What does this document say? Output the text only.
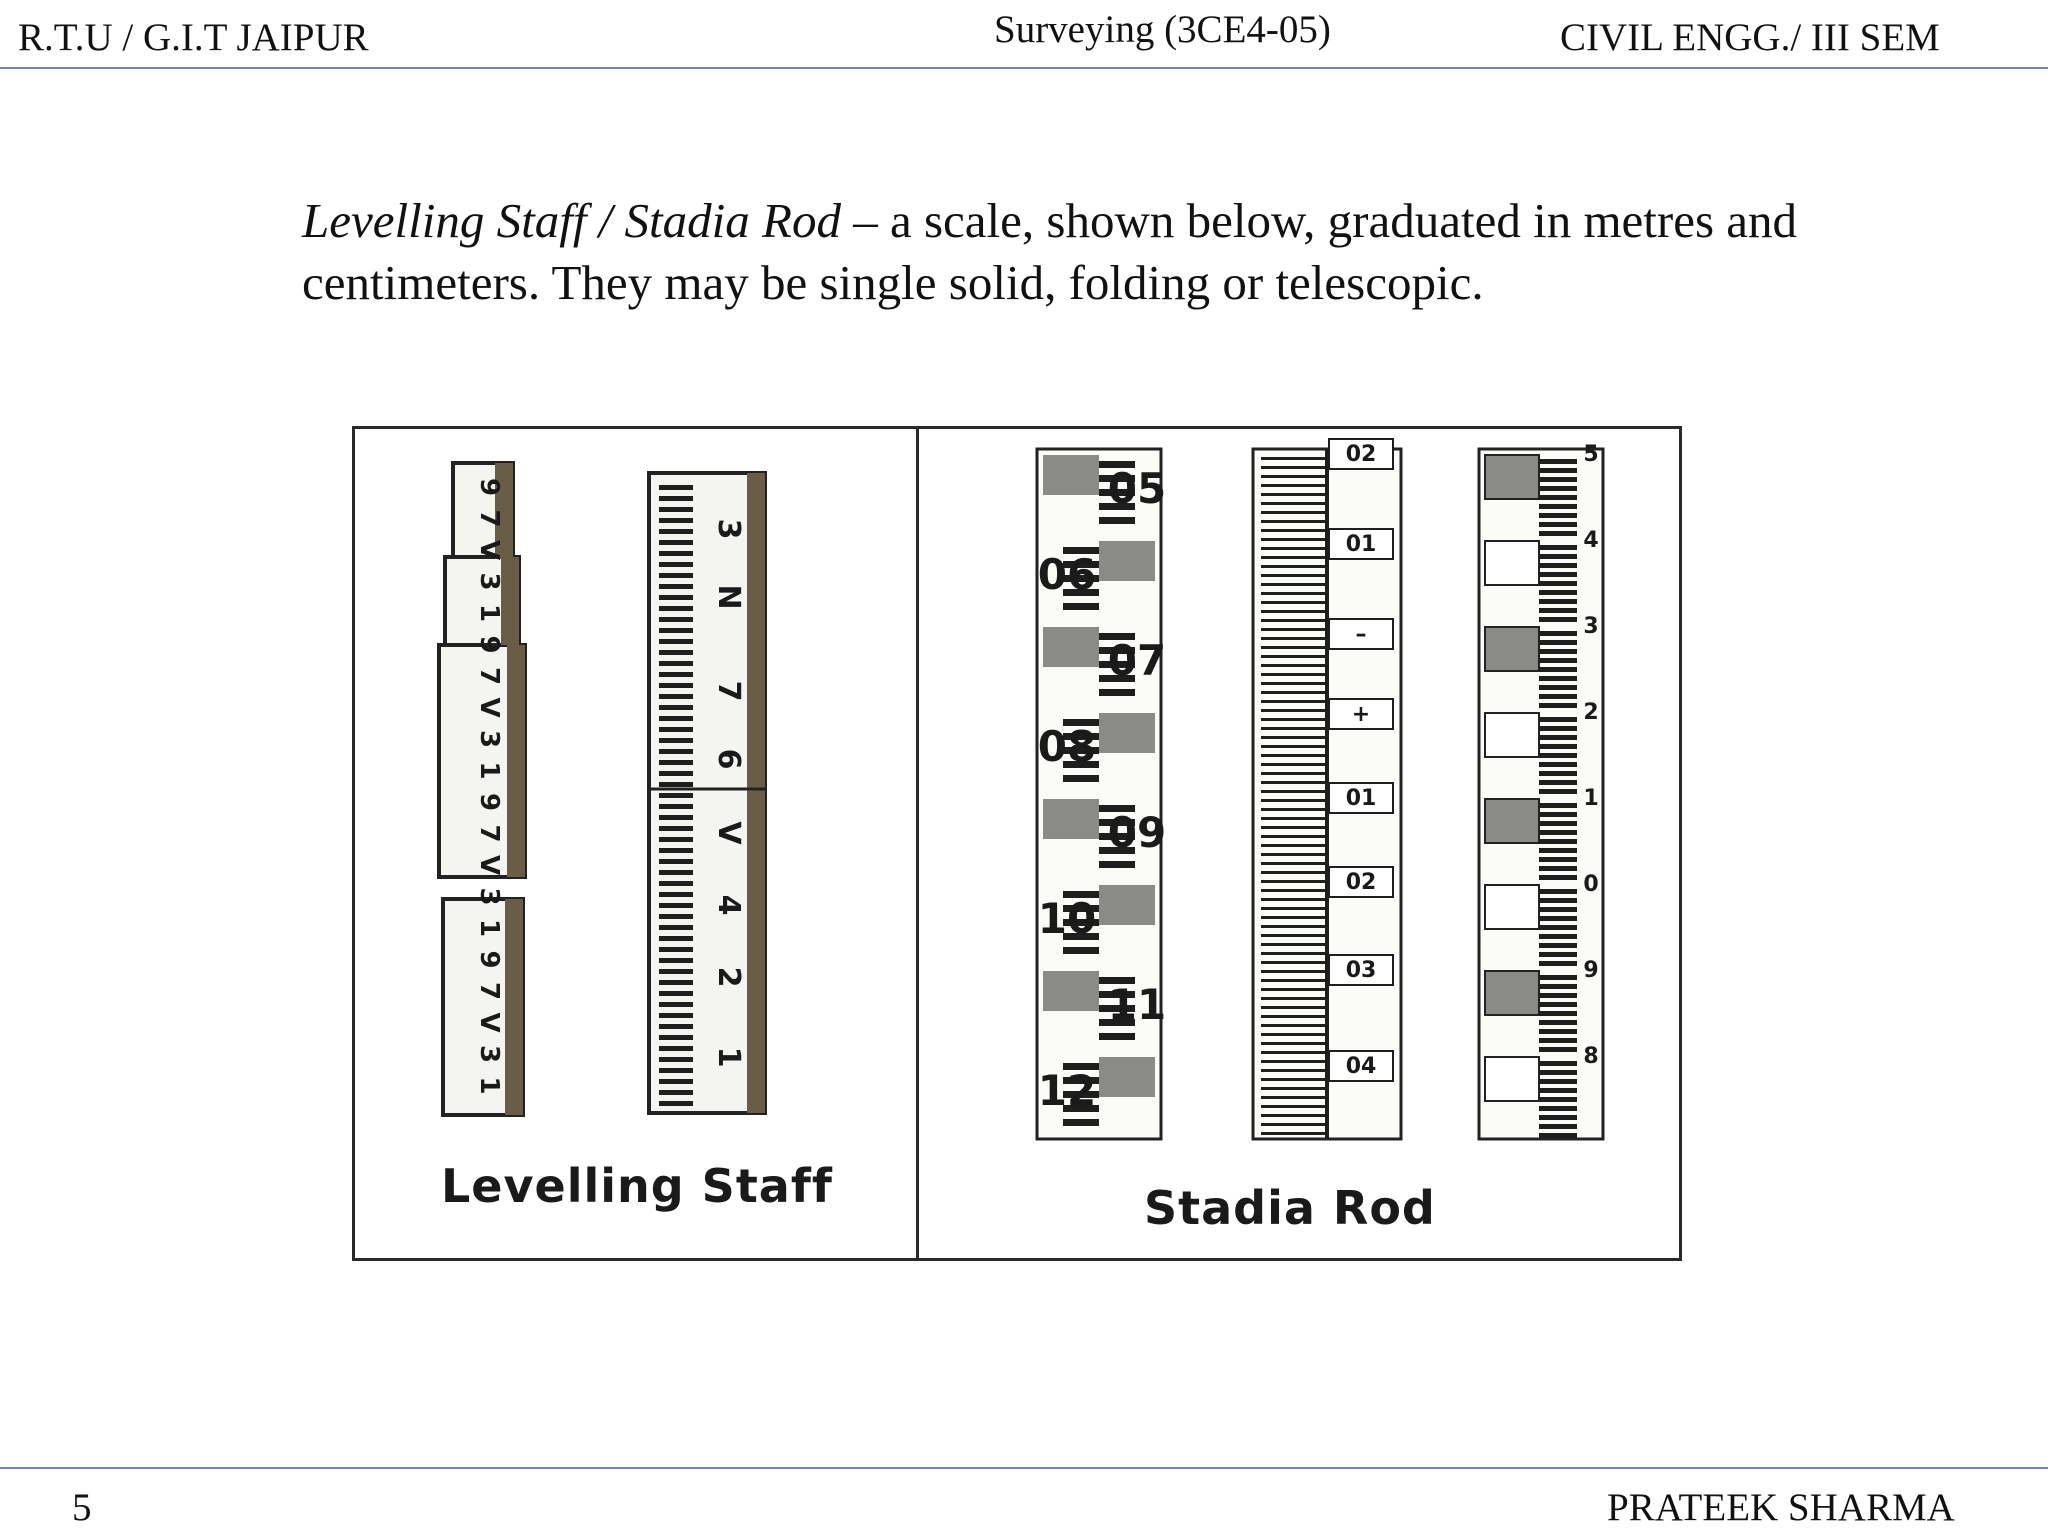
R.T.U / G.I.T JAIPUR	Surveying (3CE4-05)	CIVIL ENGG./ III SEM
Levelling Staff / Stadia Rod – a scale, shown below, graduated in metres and
centimeters. They may be single solid, folding or telescopic.
9
7
V
3
1
9
7
V
3
1
9
7
V
3
1
9
7
V
3
1
3
N
7
6
V
4
2
1
05
06
07
08
09
10
11
12
02
01
–
+
01
02
03
04
5
4
3
2
1
0
9
8
Levelling Staff	Stadia Rod
5	PRATEEK SHARMA
